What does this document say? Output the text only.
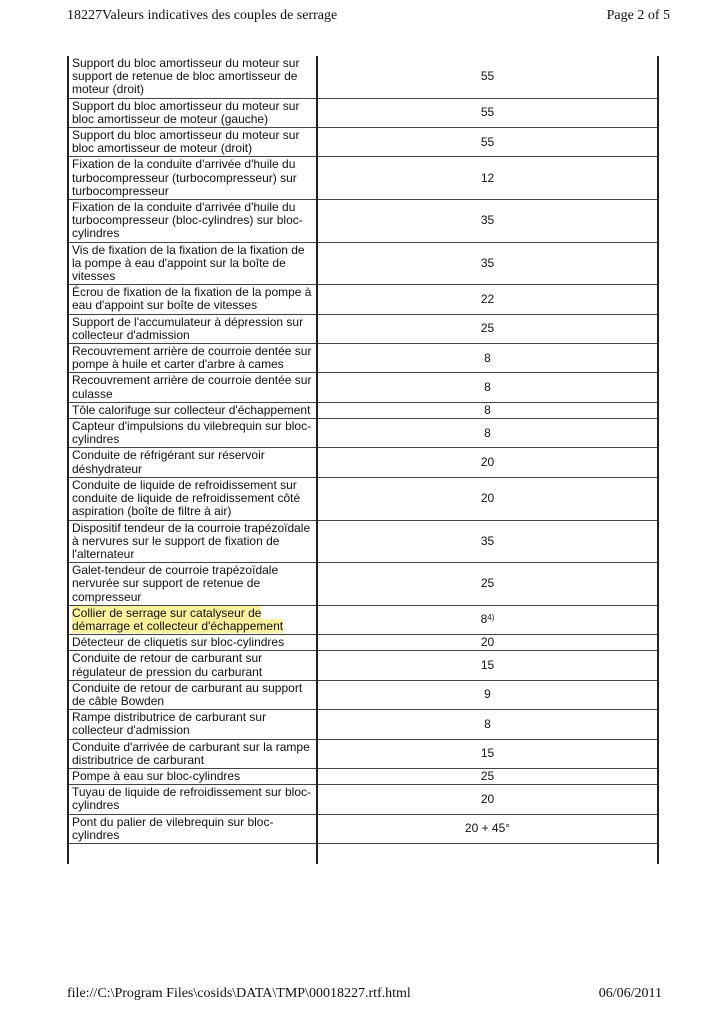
18227Valeurs indicatives des couples de serrage	Page 2 of 5
Support du bloc amortisseur du moteur sur support de retenue de bloc amortisseur de moteur (droit)	55
Support du bloc amortisseur du moteur sur bloc amortisseur de moteur (gauche)	55
Support du bloc amortisseur du moteur sur bloc amortisseur de moteur (droit)	55
Fixation de la conduite d'arrivée d'huile du turbocompresseur (turbocompresseur) sur turbocompresseur	12
Fixation de la conduite d'arrivée d'huile du turbocompresseur (bloc-cylindres) sur bloc-cylindres	35
Vis de fixation de la fixation de la fixation de la pompe à eau d'appoint sur la boîte de vitesses	35
Écrou de fixation de la fixation de la pompe à eau d'appoint sur boîte de vitesses	22
Support de l'accumulateur à dépression sur collecteur d'admission	25
Recouvrement arrière de courroie dentée sur pompe à huile et carter d'arbre à cames	8
Recouvrement arrière de courroie dentée sur culasse	8
Tôle calorifuge sur collecteur d'échappement	8
Capteur d'impulsions du vilebrequin sur bloc-cylindres	8
Conduite de réfrigérant sur réservoir déshydrateur	20
Conduite de liquide de refroidissement sur conduite de liquide de refroidissement côté aspiration (boîte de filtre à air)	20
Dispositif tendeur de la courroie trapézoïdale à nervures sur le support de fixation de l'alternateur	35
Galet-tendeur de courroie trapézoïdale nervurée sur support de retenue de compresseur	25
Collier de serrage sur catalyseur de démarrage et collecteur d'échappement	8$^{4)}$
Détecteur de cliquetis sur bloc-cylindres	20
Conduite de retour de carburant sur régulateur de pression du carburant	15
Conduite de retour de carburant au support de câble Bowden	9
Rampe distributrice de carburant sur collecteur d'admission	8
Conduite d'arrivée de carburant sur la rampe distributrice de carburant	15
Pompe à eau sur bloc-cylindres	25
Tuyau de liquide de refroidissement sur bloc-cylindres	20
Pont du palier de vilebrequin sur bloc-cylindres	20 + 45°

file://C:\Program Files\cosids\DATA\TMP\00018227.rtf.html	06/06/2011
